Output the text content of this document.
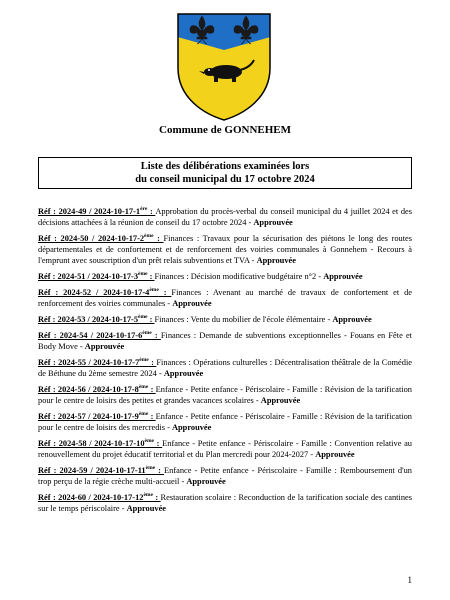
Commune de GONNEHEM
Liste des délibérations examinées lors
du conseil municipal du 17 octobre 2024
Réf : 2024-49 / 2024-10-17-1ère : Approbation du procès-verbal du conseil municipal du 4 juillet 2024 et des décisions attachées à la réunion de conseil du 17 octobre 2024 - Approuvée
Réf : 2024-50 / 2024-10-17-2ème : Finances : Travaux pour la sécurisation des piétons le long des routes départementales et de confortement et de renforcement des voiries communales à Gonnehem - Recours à l'emprunt avec souscription d'un prêt relais subventions et TVA - Approuvée
Réf : 2024-51 / 2024-10-17-3ème : Finances : Décision modificative budgétaire n°2 - Approuvée
Réf : 2024-52 / 2024-10-17-4ème : Finances : Avenant au marché de travaux de confortement et de renforcement des voiries communales - Approuvée
Réf : 2024-53 / 2024-10-17-5ème : Finances : Vente du mobilier de l'école élémentaire - Approuvée
Réf : 2024-54 / 2024-10-17-6ème : Finances : Demande de subventions exceptionnelles - Fouans en Fête et Body Move - Approuvée
Réf : 2024-55 / 2024-10-17-7ème : Finances : Opérations culturelles : Décentralisation théâtrale de la Comédie de Béthune du 2ème semestre 2024 - Approuvée
Réf : 2024-56 / 2024-10-17-8ème : Enfance - Petite enfance - Périscolaire - Famille : Révision de la tarification pour le centre de loisirs des petites et grandes vacances scolaires - Approuvée
Réf : 2024-57 / 2024-10-17-9ème : Enfance - Petite enfance - Périscolaire - Famille : Révision de la tarification pour le centre de loisirs des mercredis - Approuvée
Réf : 2024-58 / 2024-10-17-10ème : Enfance - Petite enfance - Périscolaire - Famille : Convention relative au renouvellement du projet éducatif territorial et du Plan mercredi pour 2024-2027 - Approuvée
Réf : 2024-59 / 2024-10-17-11ème : Enfance - Petite enfance - Périscolaire - Famille : Remboursement d'un trop perçu de la régie crèche multi-accueil - Approuvée
Réf : 2024-60 / 2024-10-17-12ème : Restauration scolaire : Reconduction de la tarification sociale des cantines sur le temps périscolaire - Approuvée
1
